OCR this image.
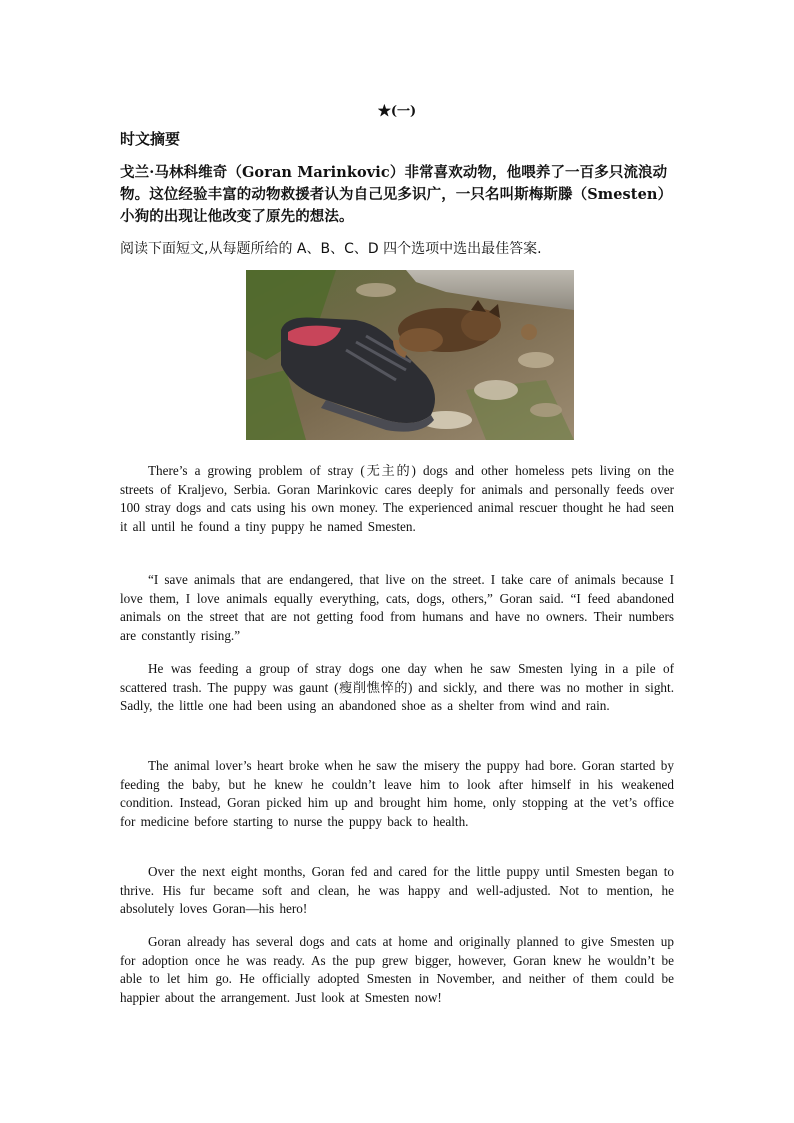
★(一)
时文摘要
戈兰·马林科维奇（Goran Marinkovic）非常喜欢动物，他喂养了一百多只流浪动物。这位经验丰富的动物救援者认为自己见多识广，一只名叫斯梅斯滕（Smesten）小狗的出现让他改变了原先的想法。
阅读下面短文,从每题所给的 A、B、C、D 四个选项中选出最佳答案.
There’s a growing problem of stray (无主的) dogs and other homeless pets living on the streets of Kraljevo, Serbia. Goran Marinkovic cares deeply for animals and personally feeds over 100 stray dogs and cats using his own money. The experienced animal rescuer thought he had seen it all until he found a tiny puppy he named Smesten.
“I save animals that are endangered, that live on the street. I take care of animals because I love them, I love animals equally everything, cats, dogs, others,” Goran said. “I feed abandoned animals on the street that are not getting food from humans and have no owners. Their numbers are constantly rising.”
He was feeding a group of stray dogs one day when he saw Smesten lying in a pile of scattered trash. The puppy was gaunt (瘦削憔悴的) and sickly, and there was no mother in sight. Sadly, the little one had been using an abandoned shoe as a shelter from wind and rain.
The animal lover’s heart broke when he saw the misery the puppy had bore. Goran started by feeding the baby, but he knew he couldn’t leave him to look after himself in his weakened condition. Instead, Goran picked him up and brought him home, only stopping at the vet’s office for medicine before starting to nurse the puppy back to health.
Over the next eight months, Goran fed and cared for the little puppy until Smesten began to thrive. His fur became soft and clean, he was happy and well-adjusted. Not to mention, he absolutely loves Goran—his hero!
Goran already has several dogs and cats at home and originally planned to give Smesten up for adoption once he was ready. As the pup grew bigger, however, Goran knew he wouldn’t be able to let him go. He officially adopted Smesten in November, and neither of them could be happier about the arrangement. Just look at Smesten now!
